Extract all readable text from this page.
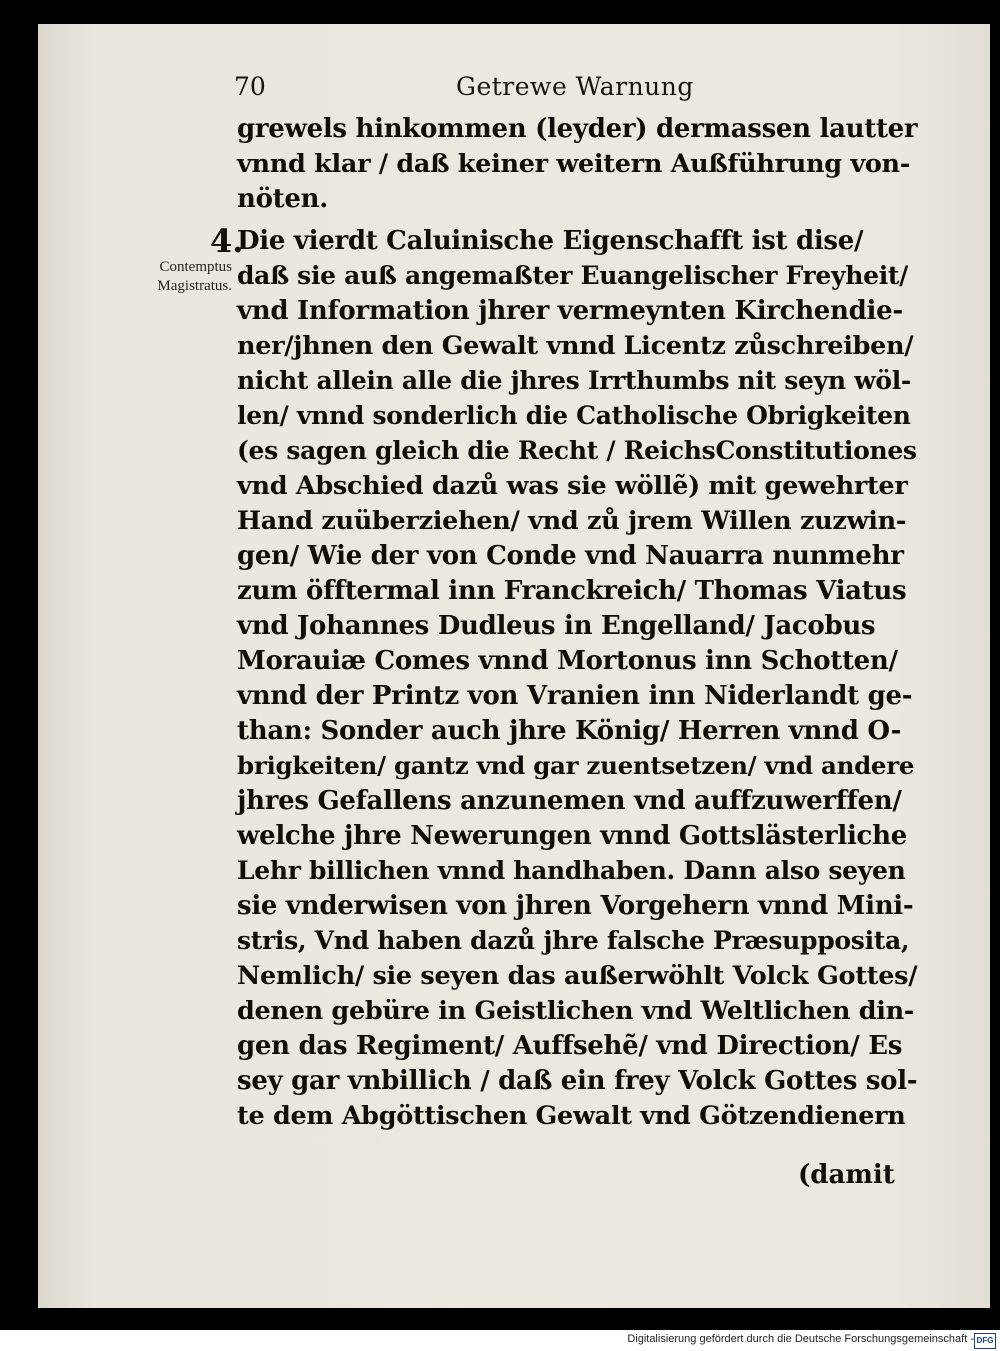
70	Getrewe Warnung
4.
Contemptus
Magistratus.
grewels hinkommen (leyder) dermassen lautter
vnnd klar / daß keiner weitern Außführung von-
nöten.
Die vierdt Caluinische Eigenschafft ist dise/
daß sie auß angemaßter Euangelischer Freyheit/
vnd Information jhrer vermeynten Kirchendie-
ner/jhnen den Gewalt vnnd Licentz zůschreiben/
nicht allein alle die jhres Irrthumbs nit seyn wöl-
len/ vnnd sonderlich die Catholische Obrigkeiten
(es sagen gleich die Recht / ReichsConstitutiones
vnd Abschied dazů was sie wöllẽ) mit gewehrter
Hand zuüberziehen/ vnd zů jrem Willen zuzwin-
gen/ Wie der von Conde vnd Nauarra nunmehr
zum öfftermal inn Franckreich/ Thomas Viatus
vnd Johannes Dudleus in Engelland/ Jacobus
Morauiæ Comes vnnd Mortonus inn Schotten/
vnnd der Printz von Vranien inn Niderlandt ge-
than: Sonder auch jhre König/ Herren vnnd O-
brigkeiten/ gantz vnd gar zuentsetzen/ vnd andere
jhres Gefallens anzunemen vnd auffzuwerffen/
welche jhre Newerungen vnnd Gottslästerliche
Lehr billichen vnnd handhaben. Dann also seyen
sie vnderwisen von jhren Vorgehern vnnd Mini-
stris, Vnd haben dazů jhre falsche Præsupposita,
Nemlich/ sie seyen das außerwöhlt Volck Gottes/
denen gebüre in Geistlichen vnd Weltlichen din-
gen das Regiment/ Auffsehẽ/ vnd Direction/ Es
sey gar vnbillich / daß ein frey Volck Gottes sol-
te dem Abgöttischen Gewalt vnd Götzendienern
(damit
Digitalisierung gefördert durch die Deutsche Forschungsgemeinschaft - DFG
